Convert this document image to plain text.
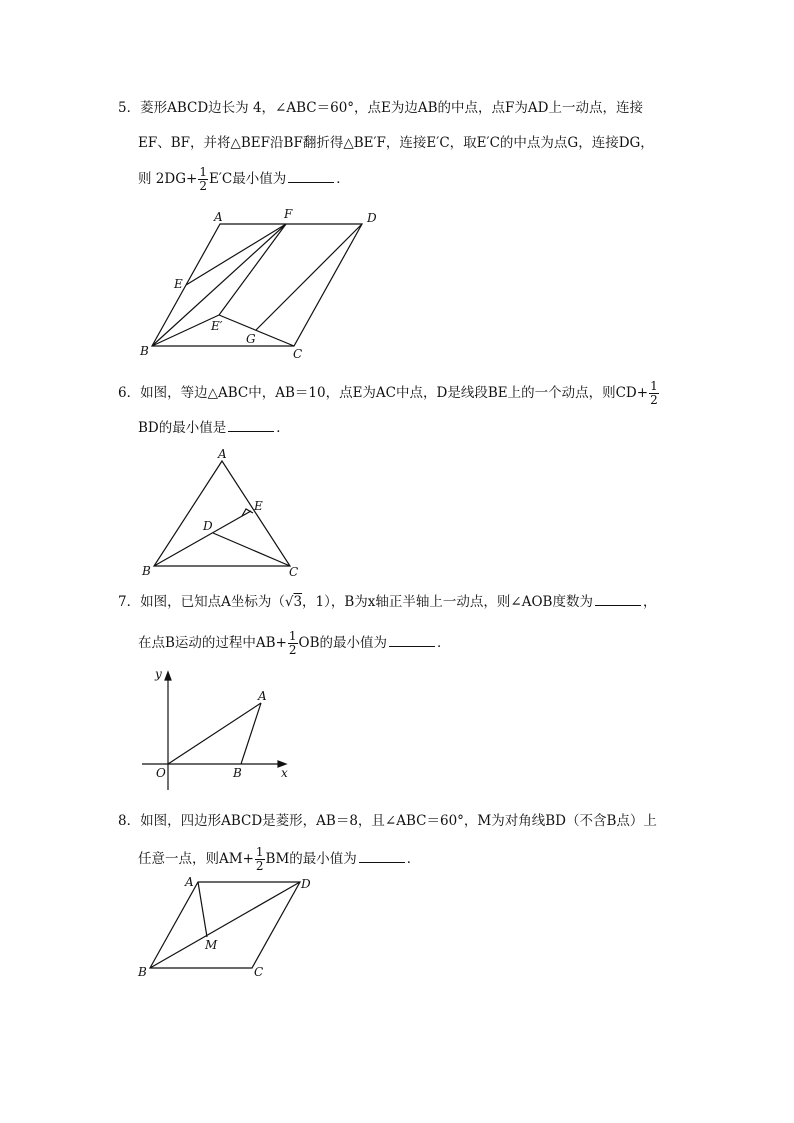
5．菱形ABCD边长为 4，∠ABC＝60°，点E为边AB的中点，点F为AD上一动点，连接
EF、BF，并将△BEF沿BF翻折得△BE′F，连接E′C，取E′C的中点为点G，连接DG，
则 $2DG+ \frac{1}{2} E'C$最小值为	．
A	F	D
E
E′
B
G
C
6．如图，等边△ABC中，AB＝10，点E为AC中点，D是线段BE上的一个动点，则$CD+ \frac{1}{2}$
BD的最小值是	．
A
E
D
B	C
7．如图，已知点A坐标为（√3，1），B为x轴正半轴上一动点，则∠AOB度数为	，
在点B运动的过程中$AB+ \frac{1}{2}$ OB的最小值为	．
y
A
O	B	x
8．如图，四边形ABCD是菱形，AB＝8，且∠ABC＝60°，M为对角线BD（不含B点）上
任意一点，则$AM+ \frac{1}{2}$ BM的最小值为	．
A	D
M
B	C
